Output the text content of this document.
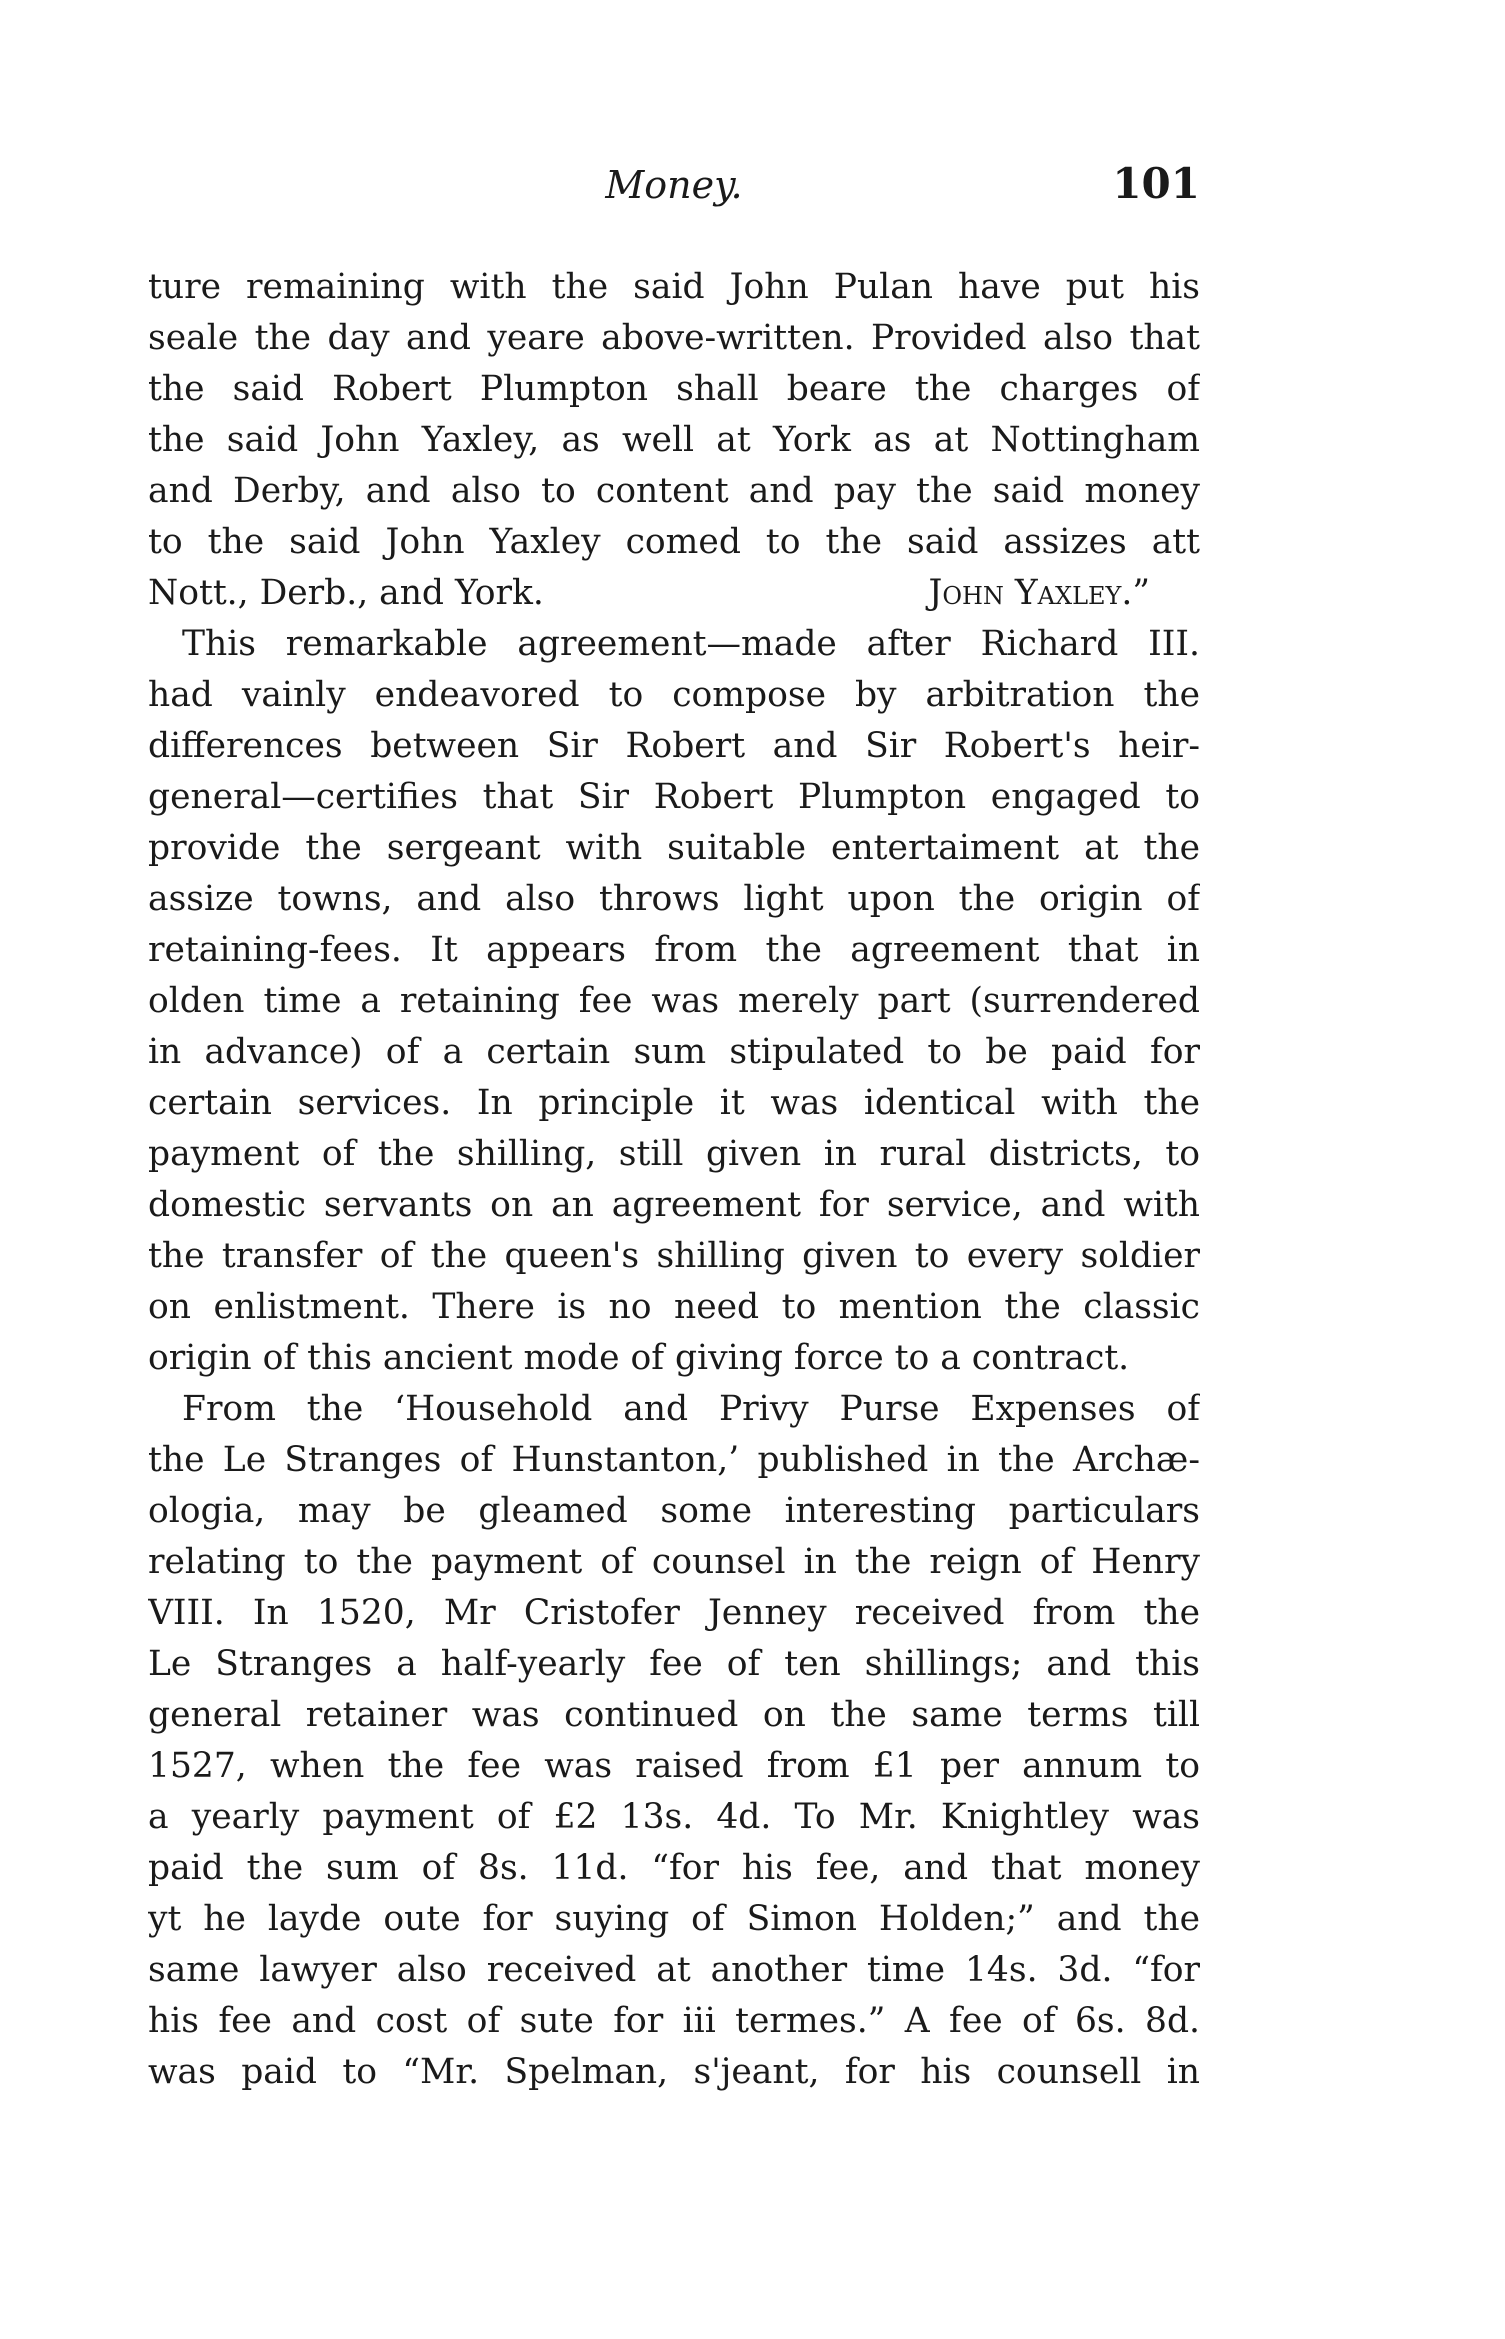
Money.	101
ture remaining with the said John Pulan have put his
seale the day and yeare above-written. Provided also that
the said Robert Plumpton shall beare the charges of
the said John Yaxley, as well at York as at Nottingham
and Derby, and also to content and pay the said money
to the said John Yaxley comed to the said assizes att
Nott., Derb., and York.	John Yaxley.”
This remarkable agreement—made after Richard III.
had vainly endeavored to compose by arbitration the
differences between Sir Robert and Sir Robert's heir-
general—certifies that Sir Robert Plumpton engaged to
provide the sergeant with suitable entertaiment at the
assize towns, and also throws light upon the origin of
retaining-fees. It appears from the agreement that in
olden time a retaining fee was merely part (surrendered
in advance) of a certain sum stipulated to be paid for
certain services. In principle it was identical with the
payment of the shilling, still given in rural districts, to
domestic servants on an agreement for service, and with
the transfer of the queen's shilling given to every soldier
on enlistment. There is no need to mention the classic
origin of this ancient mode of giving force to a contract.
From the ‘Household and Privy Purse Expenses of
the Le Stranges of Hunstanton,’ published in the Archæ-
ologia, may be gleamed some interesting particulars
relating to the payment of counsel in the reign of Henry
VIII. In 1520, Mr Cristofer Jenney received from the
Le Stranges a half-yearly fee of ten shillings; and this
general retainer was continued on the same terms till
1527, when the fee was raised from £1 per annum to
a yearly payment of £2 13s. 4d. To Mr. Knightley was
paid the sum of 8s. 11d. “for his fee, and that money
yt he layde oute for suying of Simon Holden;” and the
same lawyer also received at another time 14s. 3d. “for
his fee and cost of sute for iii termes.” A fee of 6s. 8d.
was paid to “Mr. Spelman, s'jeant, for his counsell in
